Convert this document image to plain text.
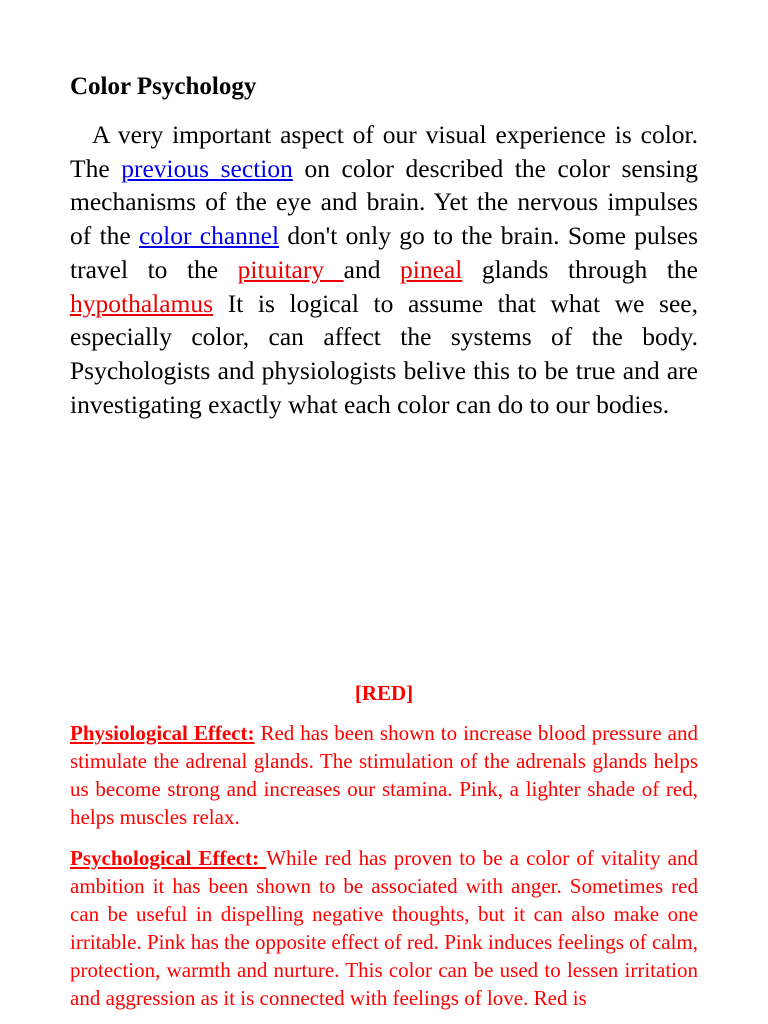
Color Psychology

A very important aspect of our visual experience is color. The previous section on color described the color sensing mechanisms of the eye and brain. Yet the nervous impulses of the color channel don't only go to the brain. Some pulses travel to the pituitary and pineal glands through the hypothalamus It is logical to assume that what we see, especially color, can affect the systems of the body. Psychologists and physiologists belive this to be true and are investigating exactly what each color can do to our bodies.

[RED]

Physiological Effect: Red has been shown to increase blood pressure and stimulate the adrenal glands. The stimulation of the adrenals glands helps us become strong and increases our stamina. Pink, a lighter shade of red, helps muscles relax.

Psychological Effect: While red has proven to be a color of vitality and ambition it has been shown to be associated with anger. Sometimes red can be useful in dispelling negative thoughts, but it can also make one irritable. Pink has the opposite effect of red. Pink induces feelings of calm, protection, warmth and nurture. This color can be used to lessen irritation and aggression as it is connected with feelings of love. Red is
